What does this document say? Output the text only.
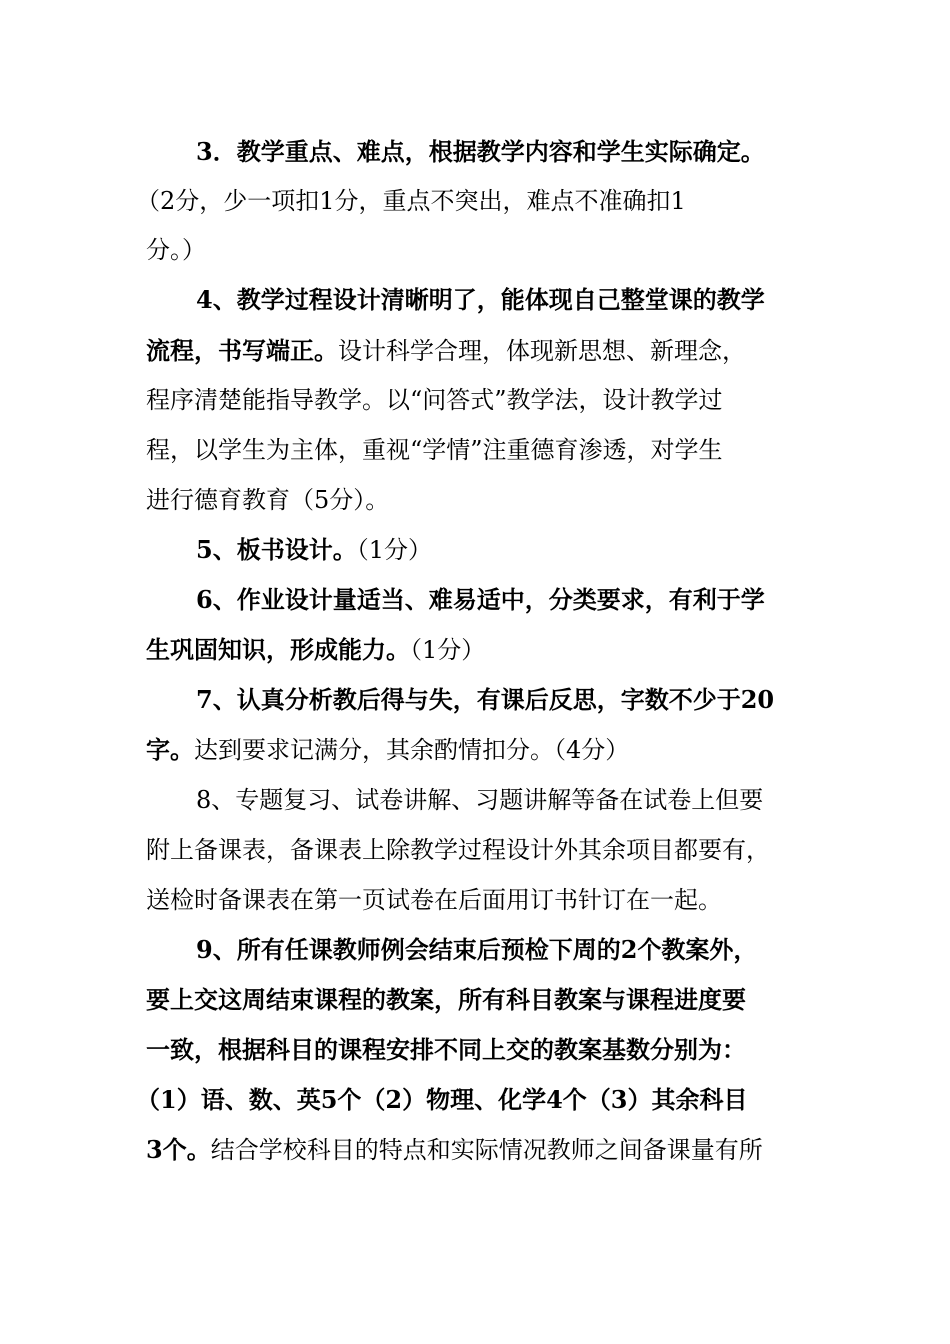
3．教学重点、难点，根据教学内容和学生实际确定。
（2分，少一项扣1分，重点不突出，难点不准确扣1
分。）
4、教学过程设计清晰明了，能体现自己整堂课的教学
流程，书写端正。设计科学合理，体现新思想、新理念，
程序清楚能指导教学。以“问答式”教学法，设计教学过
程，以学生为主体，重视“学情”注重德育渗透，对学生
进行德育教育（5分）。
5、板书设计。（1分）
6、作业设计量适当、难易适中，分类要求，有利于学
生巩固知识，形成能力。（1分）
7、认真分析教后得与失，有课后反思，字数不少于20
字。达到要求记满分，其余酌情扣分。（4分）
8、专题复习、试卷讲解、习题讲解等备在试卷上但要
附上备课表，备课表上除教学过程设计外其余项目都要有，
送检时备课表在第一页试卷在后面用订书针订在一起。
9、所有任课教师例会结束后预检下周的2个教案外，
要上交这周结束课程的教案，所有科目教案与课程进度要
一致，根据科目的课程安排不同上交的教案基数分别为：
（1）语、数、英5个（2）物理、化学4个（3）其余科目
3个。结合学校科目的特点和实际情况教师之间备课量有所
